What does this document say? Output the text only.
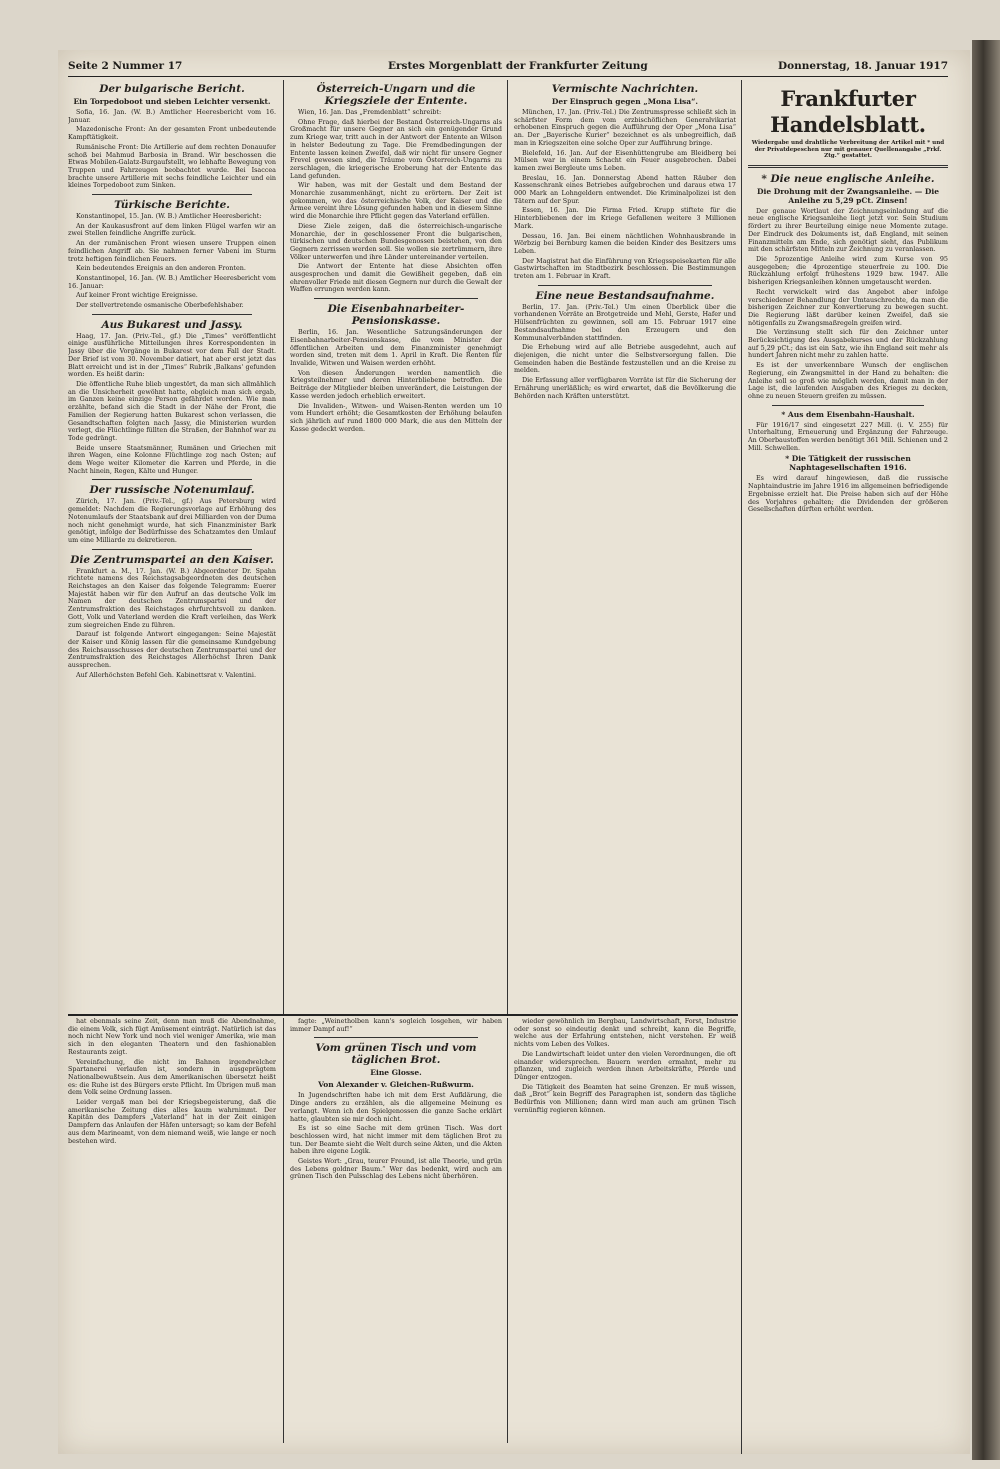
Seite 2 Nummer 17	Erstes Morgenblatt der Frankfurter Zeitung	Donnerstag, 18. Januar 1917
Der bulgarische Bericht.
Ein Torpedoboot und sieben Leichter versenkt.

Sofia, 16. Jan. (W. B.) Amtlicher Heeresbericht vom 16. Januar.

Mazedonische Front: An der gesamten Front unbedeutende Kampftätigkeit.

Rumänische Front: Die Artillerie auf dem rechten Donauufer schoß bei Mahmud Barbosia in Brand. Wir beschossen die Etwas Mobilen-Galatz-Burgaufstellt, wo lebhafte Bewegung von Truppen und Fahrzeugen beobachtet wurde. Bei Isaccea brachte unsere Artillerie mit sechs feindliche Leichter und ein kleines Torpedoboot zum Sinken.

Türkische Berichte.

Konstantinopel, 15. Jan. (W. B.) Amtlicher Heeresbericht:

An der Kaukasusfront auf dem linken Flügel warfen wir an zwei Stellen feindliche Angriffe zurück.

An der rumänischen Front wiesen unsere Truppen einen feindlichen Angriff ab. Sie nahmen ferner Vabeni im Sturm trotz heftigen feindlichen Feuers.

Kein bedeutendes Ereignis an den anderen Fronten.

Konstantinopel, 16. Jan. (W. B.) Amtlicher Heeresbericht vom 16. Januar:

Auf keiner Front wichtige Ereignisse.

Der stellvertretende osmanische Oberbefehlshaber.

Aus Bukarest und Jassy.

Haag, 17. Jan. (Priv.-Tel., gf.) Die „Times“ veröffentlicht einige ausführliche Mitteilungen ihres Korrespondenten in Jassy über die Vorgänge in Bukarest vor dem Fall der Stadt. Der Brief ist vom 30. November datiert, hat aber erst jetzt das Blatt erreicht und ist in der „Times“ Rubrik ,Balkans' gefunden worden. Es heißt darin:

Die öffentliche Ruhe blieb ungestört, da man sich allmählich an die Unsicherheit gewöhnt hatte, obgleich man sich ergab, im Ganzen keine einzige Person gefährdet worden. Wie man erzählte, befand sich die Stadt in der Nähe der Front, die Familien der Regierung hatten Bukarest schon verlassen, die Gesandtschaften folgten nach Jassy, die Ministerien wurden verlegt, die Flüchtlinge füllten die Straßen, der Bahnhof war zu Tode gedrängt.

Beide unsere Staatsmänner, Rumänen und Griechen mit ihren Wagen, eine Kolonne Flüchtlinge zog nach Osten; auf dem Wege weiter Kilometer die Karren und Pferde, in die Nacht hinein, Regen, Kälte und Hunger.

Der russische Notenumlauf.

Zürich, 17. Jan. (Priv.-Tel., gf.) Aus Petersburg wird gemeldet: Nachdem die Regierungsvorlage auf Erhöhung des Notenumlaufs der Staatsbank auf drei Milliarden von der Duma noch nicht genehmigt wurde, hat sich Finanzminister Bark genötigt, infolge der Bedürfnisse des Schatzamtes den Umlauf um eine Milliarde zu dekretieren.

Die Zentrumspartei an den Kaiser.

Frankfurt a. M., 17. Jan. (W. B.) Abgeordneter Dr. Spahn richtete namens des Reichstagsabgeordneten des deutschen Reichstages an den Kaiser das folgende Telegramm: Euerer Majestät haben wir für den Aufruf an das deutsche Volk im Namen der deutschen Zentrumspartei und der Zentrumsfraktion des Reichstages ehrfurchtsvoll zu danken. Gott, Volk und Vaterland werden die Kraft verleihen, das Werk zum siegreichen Ende zu führen.

Darauf ist folgende Antwort eingegangen: Seine Majestät der Kaiser und König lassen für die gemeinsame Kundgebung des Reichsausschusses der deutschen Zentrumspartei und der Zentrumsfraktion des Reichstages Allerhöchst Ihren Dank aussprechen.

Auf Allerhöchsten Befehl Geh. Kabinettsrat v. Valentini.

Österreich-Ungarn und die Kriegsziele der Entente.

Wien, 16. Jan. Das „Fremdenblatt“ schreibt:

Ohne Frage, daß hierbei der Bestand Österreich-Ungarns als Großmacht für unsere Gegner an sich ein genügender Grund zum Kriege war, tritt auch in der Antwort der Entente an Wilson in helster Bedeutung zu Tage. Die Fremdbedingungen der Entente lassen keinen Zweifel, daß wir nicht für unsere Gegner Frevel gewesen sind, die Träume vom Österreich-Ungarns zu zerschlagen, die kriegerische Eroberung hat der Entente das Land gefunden.

Wir haben, was mit der Gestalt und dem Bestand der Monarchie zusammenhängt, nicht zu erörtern. Der Zeit ist gekommen, wo das österreichische Volk, der Kaiser und die Armee vereint ihre Lösung gefunden haben und in diesem Sinne wird die Monarchie ihre Pflicht gegen das Vaterland erfüllen.

Diese Ziele zeigen, daß die österreichisch-ungarische Monarchie, der in geschlossener Front die bulgarischen, türkischen und deutschen Bundesgenossen beistehen, von den Gegnern zerrissen werden soll. Sie wollen sie zertrümmern, ihre Völker unterwerfen und ihre Länder untereinander verteilen.

Die Antwort der Entente hat diese Absichten offen ausgesprochen und damit die Gewißheit gegeben, daß ein ehrenvoller Friede mit diesen Gegnern nur durch die Gewalt der Waffen errungen werden kann.

Die Eisenbahnarbeiter-Pensionskasse.

Berlin, 16. Jan. Wesentliche Satzungsänderungen der Eisenbahnarbeiter-Pensionskasse, die vom Minister der öffentlichen Arbeiten und dem Finanzminister genehmigt worden sind, treten mit dem 1. April in Kraft. Die Renten für Invalide, Witwen und Waisen werden erhöht.

Von diesen Änderungen werden namentlich die Kriegsteilnehmer und deren Hinterbliebene betroffen. Die Beiträge der Mitglieder bleiben unverändert, die Leistungen der Kasse werden jedoch erheblich erweitert.

Die Invaliden-, Witwen- und Waisen-Renten werden um 10 vom Hundert erhöht; die Gesamtkosten der Erhöhung belaufen sich jährlich auf rund 1800 000 Mark, die aus den Mitteln der Kasse gedeckt werden.

Vermischte Nachrichten.
Der Einspruch gegen „Mona Lisa“.

München, 17. Jan. (Priv.-Tel.) Die Zentrumspresse schließt sich in schärfster Form dem vom erzbischöflichen Generalvikariat erhobenen Einspruch gegen die Aufführung der Oper „Mona Lisa“ an. Der „Bayerische Kurier“ bezeichnet es als unbegreiflich, daß man in Kriegszeiten eine solche Oper zur Aufführung bringe.

Bielefeld, 16. Jan. Auf der Eisenhüttengrube am Bleidberg bei Mülsen war in einem Schacht ein Feuer ausgebrochen. Dabei kamen zwei Bergleute ums Leben.

Breslau, 16. Jan. Donnerstag Abend hatten Räuber den Kassenschrank eines Betriebes aufgebrochen und daraus etwa 17 000 Mark an Lohngeldern entwendet. Die Kriminalpolizei ist den Tätern auf der Spur.

Essen, 16. Jan. Die Firma Fried. Krupp stiftete für die Hinterbliebenen der im Kriege Gefallenen weitere 3 Millionen Mark.

Dessau, 16. Jan. Bei einem nächtlichen Wohnhausbrande in Wörbzig bei Bernburg kamen die beiden Kinder des Besitzers ums Leben.

Der Magistrat hat die Einführung von Kriegsspeisekarten für alle Gastwirtschaften im Stadtbezirk beschlossen. Die Bestimmungen treten am 1. Februar in Kraft.

Eine neue Bestandsaufnahme.

Berlin, 17. Jan. (Priv.-Tel.) Um einen Überblick über die vorhandenen Vorräte an Brotgetreide und Mehl, Gerste, Hafer und Hülsenfrüchten zu gewinnen, soll am 15. Februar 1917 eine Bestandsaufnahme bei den Erzeugern und den Kommunalverbänden stattfinden.

Die Erhebung wird auf alle Betriebe ausgedehnt, auch auf diejenigen, die nicht unter die Selbstversorgung fallen. Die Gemeinden haben die Bestände festzustellen und an die Kreise zu melden.

Die Erfassung aller verfügbaren Vorräte ist für die Sicherung der Ernährung unerläßlich; es wird erwartet, daß die Bevölkerung die Behörden nach Kräften unterstützt.

Frankfurter Handelsblatt.
Wiedergabe und drahtliche Verbreitung der Artikel mit * und der Privatdepeschen nur mit genauer Quellenangabe „Frkf. Ztg.“ gestattet.
* Die neue englische Anleihe.
Die Drohung mit der Zwangsanleihe. — Die Anleihe zu 5,29 pCt. Zinsen!

Der genaue Wortlaut der Zeichnungseinladung auf die neue englische Kriegsanleihe liegt jetzt vor. Sein Studium fördert zu ihrer Beurteilung einige neue Momente zutage. Der Eindruck des Dokuments ist, daß England, mit seinen Finanzmitteln am Ende, sich genötigt sieht, das Publikum mit den schärfsten Mitteln zur Zeichnung zu veranlassen.

Die 5prozentige Anleihe wird zum Kurse von 95 ausgegeben; die 4prozentige steuerfreie zu 100. Die Rückzahlung erfolgt frühestens 1929 bzw. 1947. Alle bisherigen Kriegsanleihen können umgetauscht werden.

Recht verwickelt wird das Angebot aber infolge verschiedener Behandlung der Umtauschrechte, da man die bisherigen Zeichner zur Konvertierung zu bewegen sucht. Die Regierung läßt darüber keinen Zweifel, daß sie nötigenfalls zu Zwangsmaßregeln greifen wird.

Die Verzinsung stellt sich für den Zeichner unter Berücksichtigung des Ausgabekurses und der Rückzahlung auf 5,29 pCt.; das ist ein Satz, wie ihn England seit mehr als hundert Jahren nicht mehr zu zahlen hatte.

Es ist der unverkennbare Wunsch der englischen Regierung, ein Zwangsmittel in der Hand zu behalten: die Anleihe soll so groß wie möglich werden, damit man in der Lage ist, die laufenden Ausgaben des Krieges zu decken, ohne zu neuen Steuern greifen zu müssen.

* Aus dem Eisenbahn-Haushalt.

Für 1916/17 sind eingesetzt 227 Mill. (i. V. 255) für Unterhaltung, Erneuerung und Ergänzung der Fahrzeuge. An Oberbaustoffen werden benötigt 361 Mill. Schienen und 2 Mill. Schwellen.

* Die Tätigkeit der russischen Naphtagesellschaften 1916.

Es wird darauf hingewiesen, daß die russische Naphtaindustrie im Jahre 1916 im allgemeinen befriedigende Ergebnisse erzielt hat. Die Preise haben sich auf der Höhe des Vorjahres gehalten; die Dividenden der größeren Gesellschaften dürften erhöht werden.

hat ebenmals seine Zeit, denn man muß die Abendnahme, die einem Volk, sich fügt Amüsement einträgt. Natürlich ist das noch nicht New York und noch viel weniger Amerika, wie man sich in den eleganten Theatern und den fashionablen Restaurants zeigt.

Vereinfachung, die nicht im Bahnen irgendwelcher Spartanerei verlaufen ist, sondern in ausgeprägtem Nationalbewußtsein. Aus dem Amerikanischen übersetzt heißt es: die Ruhe ist des Bürgers erste Pflicht. Im Übrigen muß man dem Volk seine Ordnung lassen.

Leider vergaß man bei der Kriegsbegeisterung, daß die amerikanische Zeitung dies alles kaum wahrnimmt. Der Kapitän des Dampfers „Vaterland“ hat in der Zeit einigen Dampfern das Anlaufen der Häfen untersagt; so kam der Befehl aus dem Marineamt, von dem niemand weiß, wie lange er noch bestehen wird.

fagte: „Weinetholben kann's sogleich losgehen, wir haben immer Dampf auf!“

Vom grünen Tisch und vom täglichen Brot.
Eine Glosse.
Von Alexander v. Gleichen-Rußwurm.

In Jugendschriften habe ich mit dem Erst Aufklärung, die Dinge anders zu erzählen, als die allgemeine Meinung es verlangt. Wenn ich den Spielgenossen die ganze Sache erklärt hatte, glaubten sie mir doch nicht.

Es ist so eine Sache mit dem grünen Tisch. Was dort beschlossen wird, hat nicht immer mit dem täglichen Brot zu tun. Der Beamte sieht die Welt durch seine Akten, und die Akten haben ihre eigene Logik.

Geistes Wort: „Grau, teurer Freund, ist alle Theorie, und grün des Lebens goldner Baum.“ Wer das bedenkt, wird auch am grünen Tisch den Pulsschlag des Lebens nicht überhören.

wieder gewöhnlich im Bergbau, Landwirtschaft, Forst, Industrie oder sonst so eindeutig denkt und schreibt, kann die Begriffe, welche aus der Erfahrung entstehen, nicht verstehen. Er weiß nichts vom Leben des Volkes.

Die Landwirtschaft leidet unter den vielen Verordnungen, die oft einander widersprechen. Bauern werden ermahnt, mehr zu pflanzen, und zugleich werden ihnen Arbeitskräfte, Pferde und Dünger entzogen.

Die Tätigkeit des Beamten hat seine Grenzen. Er muß wissen, daß „Brot“ kein Begriff des Paragraphen ist, sondern das tägliche Bedürfnis von Millionen; dann wird man auch am grünen Tisch vernünftig regieren können.
